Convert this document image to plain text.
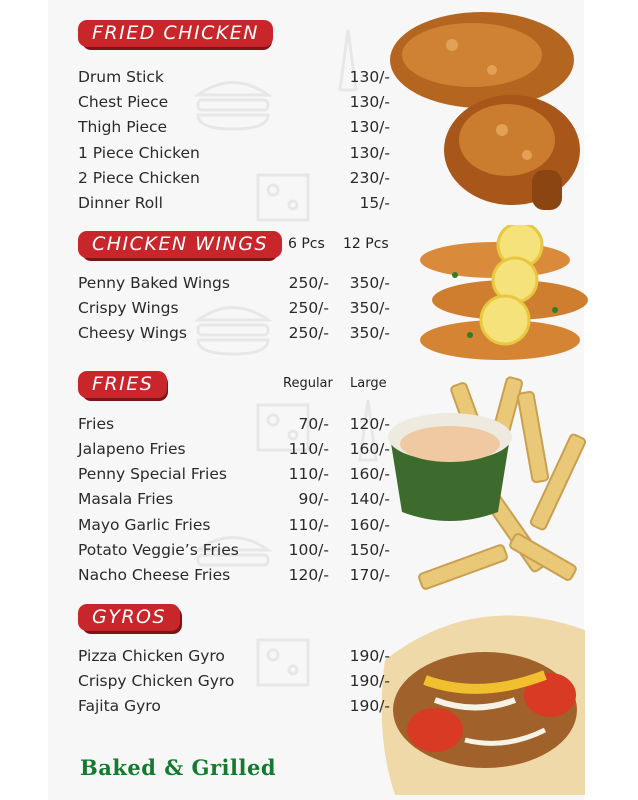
FRIED CHICKEN
Drum Stick	130/-
Chest Piece	130/-
Thigh Piece	130/-
1 Piece Chicken	130/-
2 Piece Chicken	230/-
Dinner Roll	15/-
CHICKEN WINGS	6 Pcs 12 Pcs
Penny Baked Wings	250/- 350/-
Crispy Wings	250/- 350/-
Cheesy Wings	250/- 350/-
FRIES	Regular Large
Fries	70/- 120/-
Jalapeno Fries	110/- 160/-
Penny Special Fries	110/- 160/-
Masala Fries	90/- 140/-
Mayo Garlic Fries	110/- 160/-
Potato Veggie’s Fries	100/- 150/-
Nacho Cheese Fries	120/- 170/-
GYROS
Pizza Chicken Gyro	190/-
Crispy Chicken Gyro	190/-
Fajita Gyro	190/-
Baked & Grilled
